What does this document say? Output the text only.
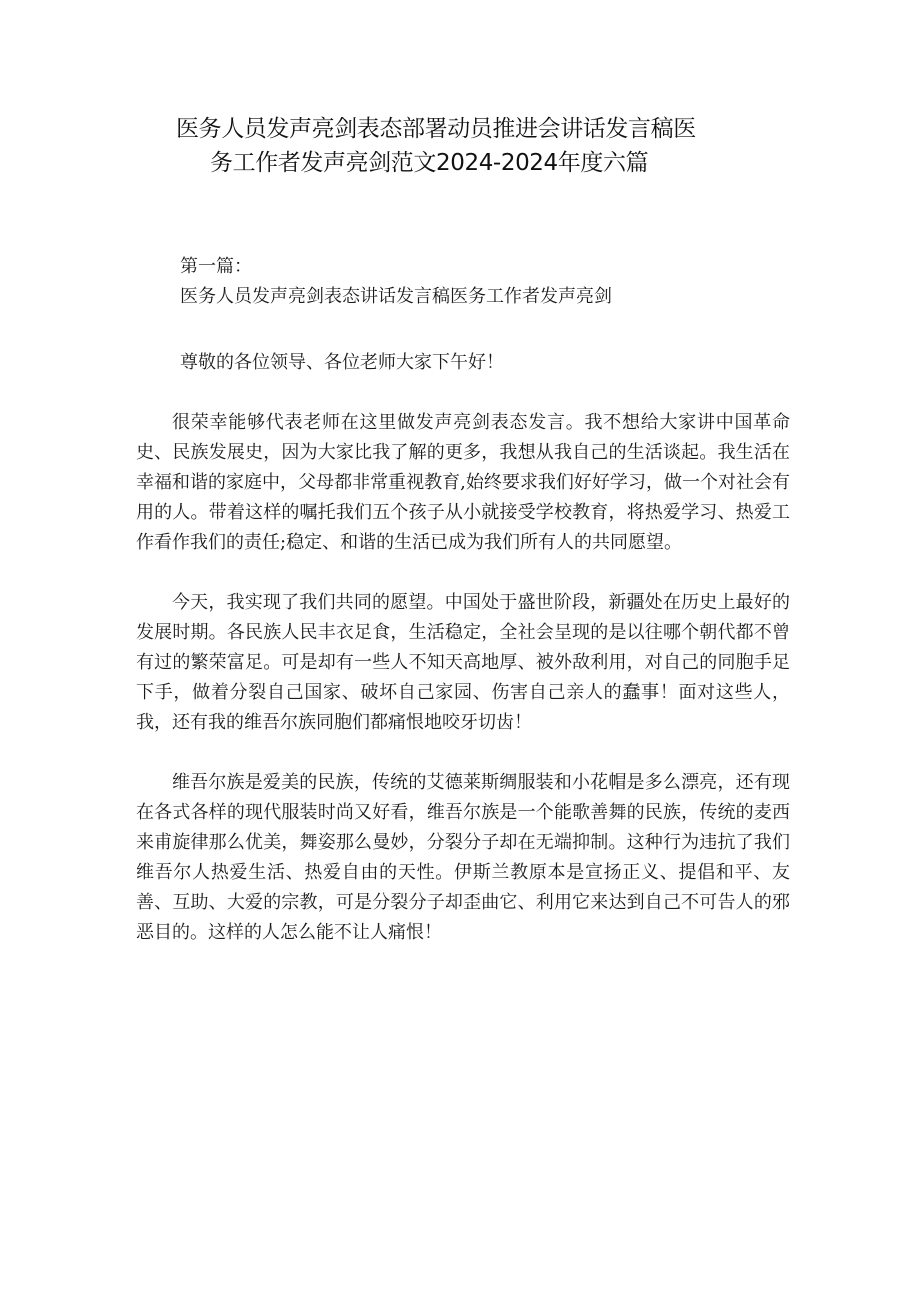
医务人员发声亮剑表态部署动员推进会讲话发言稿医
务工作者发声亮剑范文2024-2024年度六篇

第一篇：

医务人员发声亮剑表态讲话发言稿医务工作者发声亮剑

尊敬的各位领导、各位老师大家下午好！

很荣幸能够代表老师在这里做发声亮剑表态发言。我不想给大家讲中国革命史、民族发展史，因为大家比我了解的更多，我想从我自己的生活谈起。我生活在幸福和谐的家庭中，父母都非常重视教育,始终要求我们好好学习，做一个对社会有用的人。带着这样的嘱托我们五个孩子从小就接受学校教育，将热爱学习、热爱工作看作我们的责任;稳定、和谐的生活已成为我们所有人的共同愿望。

今天，我实现了我们共同的愿望。中国处于盛世阶段，新疆处在历史上最好的发展时期。各民族人民丰衣足食，生活稳定，全社会呈现的是以往哪个朝代都不曾有过的繁荣富足。可是却有一些人不知天高地厚、被外敌利用，对自己的同胞手足下手，做着分裂自己国家、破坏自己家园、伤害自己亲人的蠢事！面对这些人，我，还有我的维吾尔族同胞们都痛恨地咬牙切齿！

维吾尔族是爱美的民族，传统的艾德莱斯绸服装和小花帽是多么漂亮，还有现在各式各样的现代服装时尚又好看，维吾尔族是一个能歌善舞的民族，传统的麦西来甫旋律那么优美，舞姿那么曼妙，分裂分子却在无端抑制。这种行为违抗了我们维吾尔人热爱生活、热爱自由的天性。伊斯兰教原本是宣扬正义、提倡和平、友善、互助、大爱的宗教，可是分裂分子却歪曲它、利用它来达到自己不可告人的邪恶目的。这样的人怎么能不让人痛恨！
